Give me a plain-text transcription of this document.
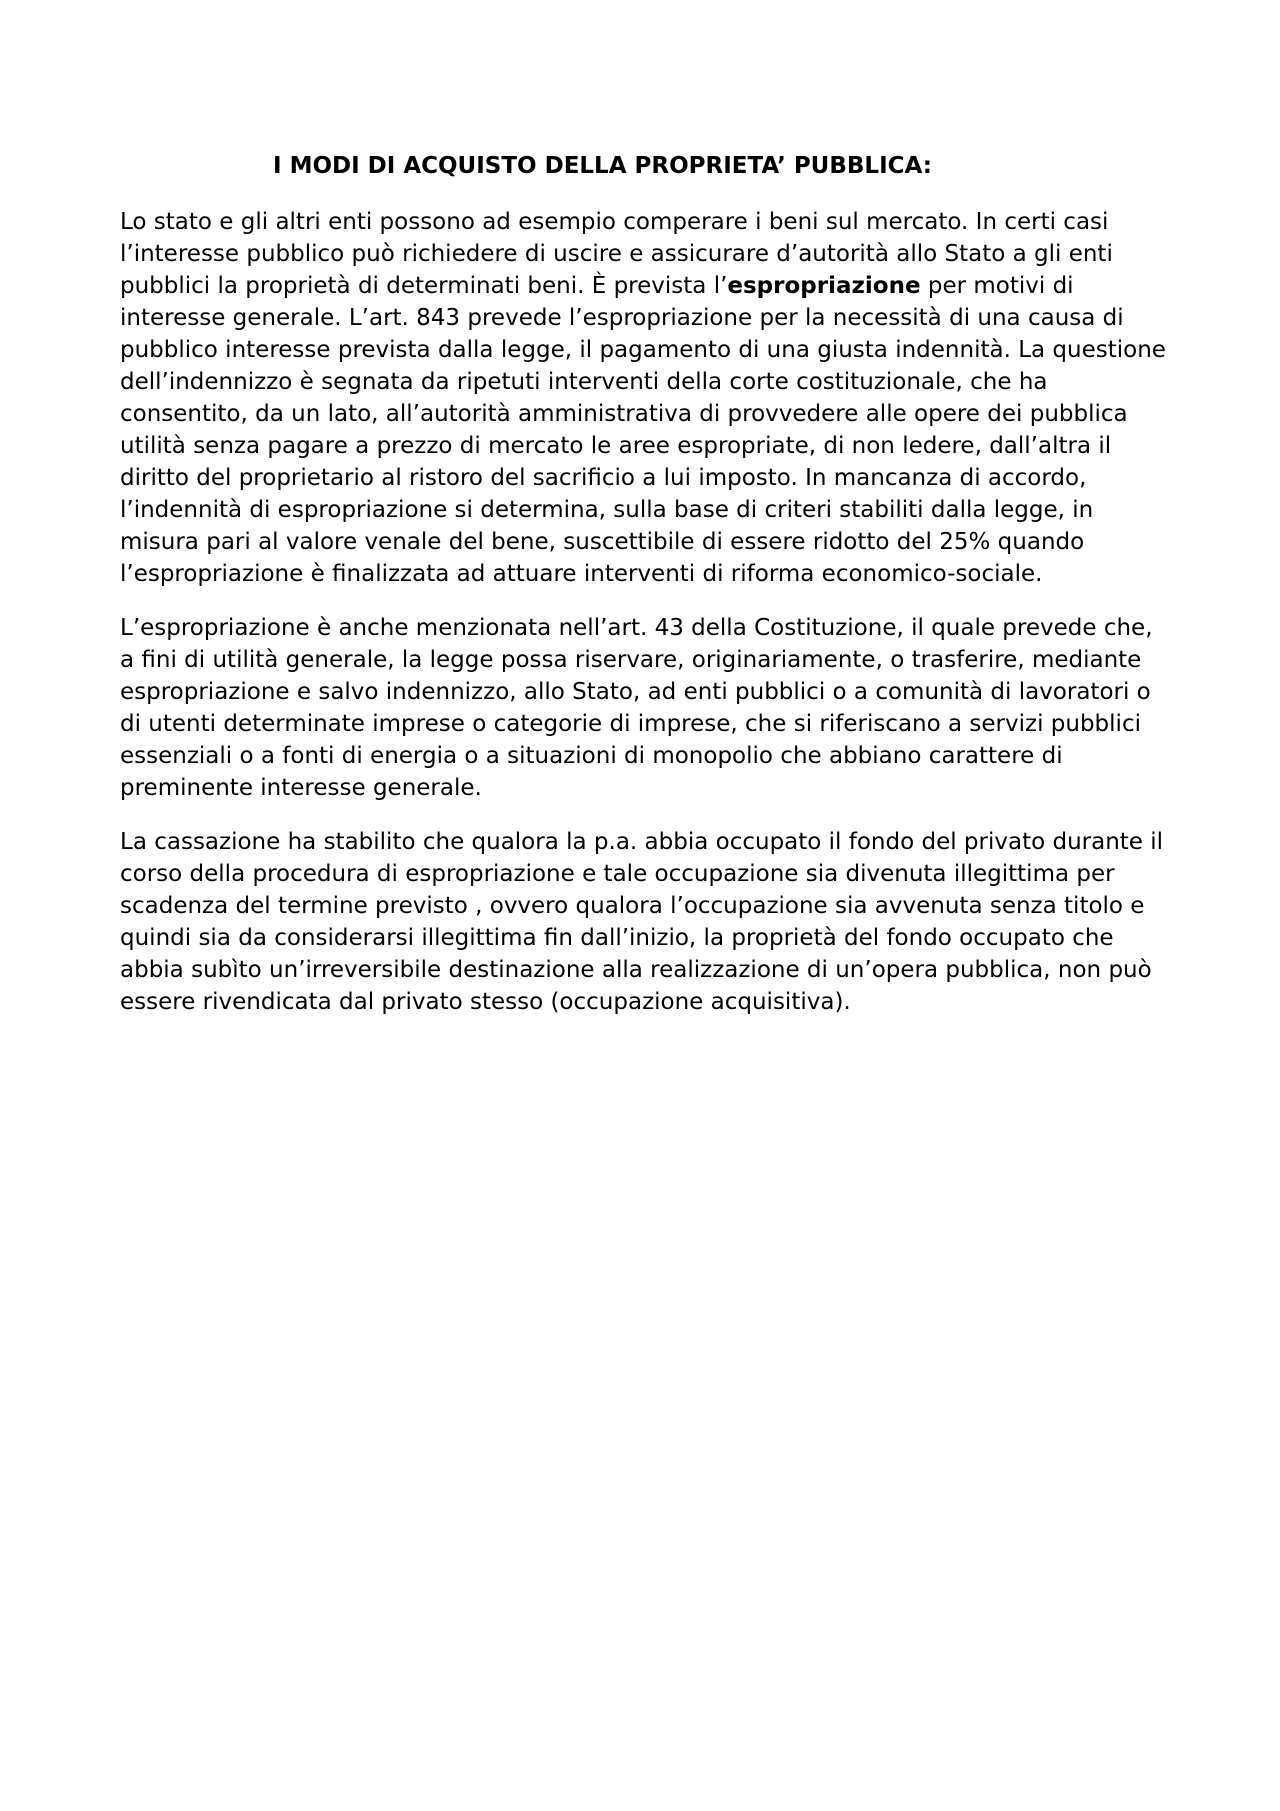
I MODI DI ACQUISTO DELLA PROPRIETA’ PUBBLICA:

Lo stato e gli altri enti possono ad esempio comperare i beni sul mercato. In certi casi l’interesse pubblico può richiedere di uscire e assicurare d’autorità allo Stato a gli enti pubblici la proprietà di determinati beni. È prevista l’espropriazione per motivi di interesse generale. L’art. 843 prevede l’espropriazione per la necessità di una causa di pubblico interesse prevista dalla legge, il pagamento di una giusta indennità. La questione dell’indennizzo è segnata da ripetuti interventi della corte costituzionale, che ha consentito, da un lato, all’autorità amministrativa di provvedere alle opere dei pubblica utilità senza pagare a prezzo di mercato le aree espropriate, di non ledere, dall’altra il diritto del proprietario al ristoro del sacrificio a lui imposto. In mancanza di accordo, l’indennità di espropriazione si determina, sulla base di criteri stabiliti dalla legge, in misura pari al valore venale del bene, suscettibile di essere ridotto del 25% quando l’espropriazione è finalizzata ad attuare interventi di riforma economico-sociale.

L’espropriazione è anche menzionata nell’art. 43 della Costituzione, il quale prevede che, a fini di utilità generale, la legge possa riservare, originariamente, o trasferire, mediante espropriazione e salvo indennizzo, allo Stato, ad enti pubblici o a comunità di lavoratori o di utenti determinate imprese o categorie di imprese, che si riferiscano a servizi pubblici essenziali o a fonti di energia o a situazioni di monopolio che abbiano carattere di preminente interesse generale.

La cassazione ha stabilito che qualora la p.a. abbia occupato il fondo del privato durante il corso della procedura di espropriazione e tale occupazione sia divenuta illegittima per scadenza del termine previsto , ovvero qualora l’occupazione sia avvenuta senza titolo e quindi sia da considerarsi illegittima fin dall’inizio, la proprietà del fondo occupato che abbia subìto un’irreversibile destinazione alla realizzazione di un’opera pubblica, non può essere rivendicata dal privato stesso (occupazione acquisitiva).
